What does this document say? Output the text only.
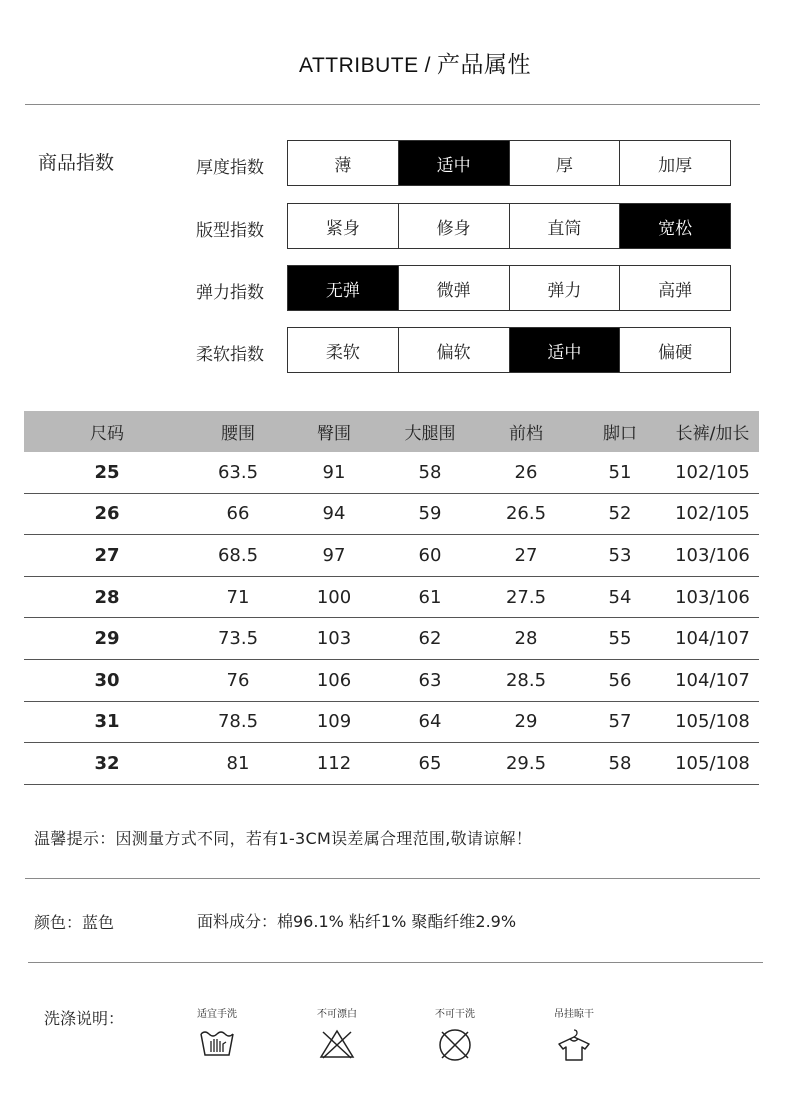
ATTRIBUTE / 产品属性
商品指数	厚度指数	薄	适中	厚	加厚
版型指数	紧身	修身	直筒	宽松
弹力指数	无弹	微弹	弹力	高弹
柔软指数	柔软	偏软	适中	偏硬
尺码	腰围	臀围	大腿围	前档	脚口	长裤/加长
25	63.5	91	58	26	51	102/105
26	66	94	59	26.5	52	102/105
27	68.5	97	60	27	53	103/106
28	71	100	61	27.5	54	103/106
29	73.5	103	62	28	55	104/107
30	76	106	63	28.5	56	104/107
31	78.5	109	64	29	57	105/108
32	81	112	65	29.5	58	105/108
温馨提示：因测量方式不同，若有1-3CM误差属合理范围,敬请谅解！
颜色：蓝色	面料成分：棉96.1% 粘纤1% 聚酯纤维2.9%
洗涤说明：	适宜手洗	不可漂白	不可干洗	吊挂晾干
